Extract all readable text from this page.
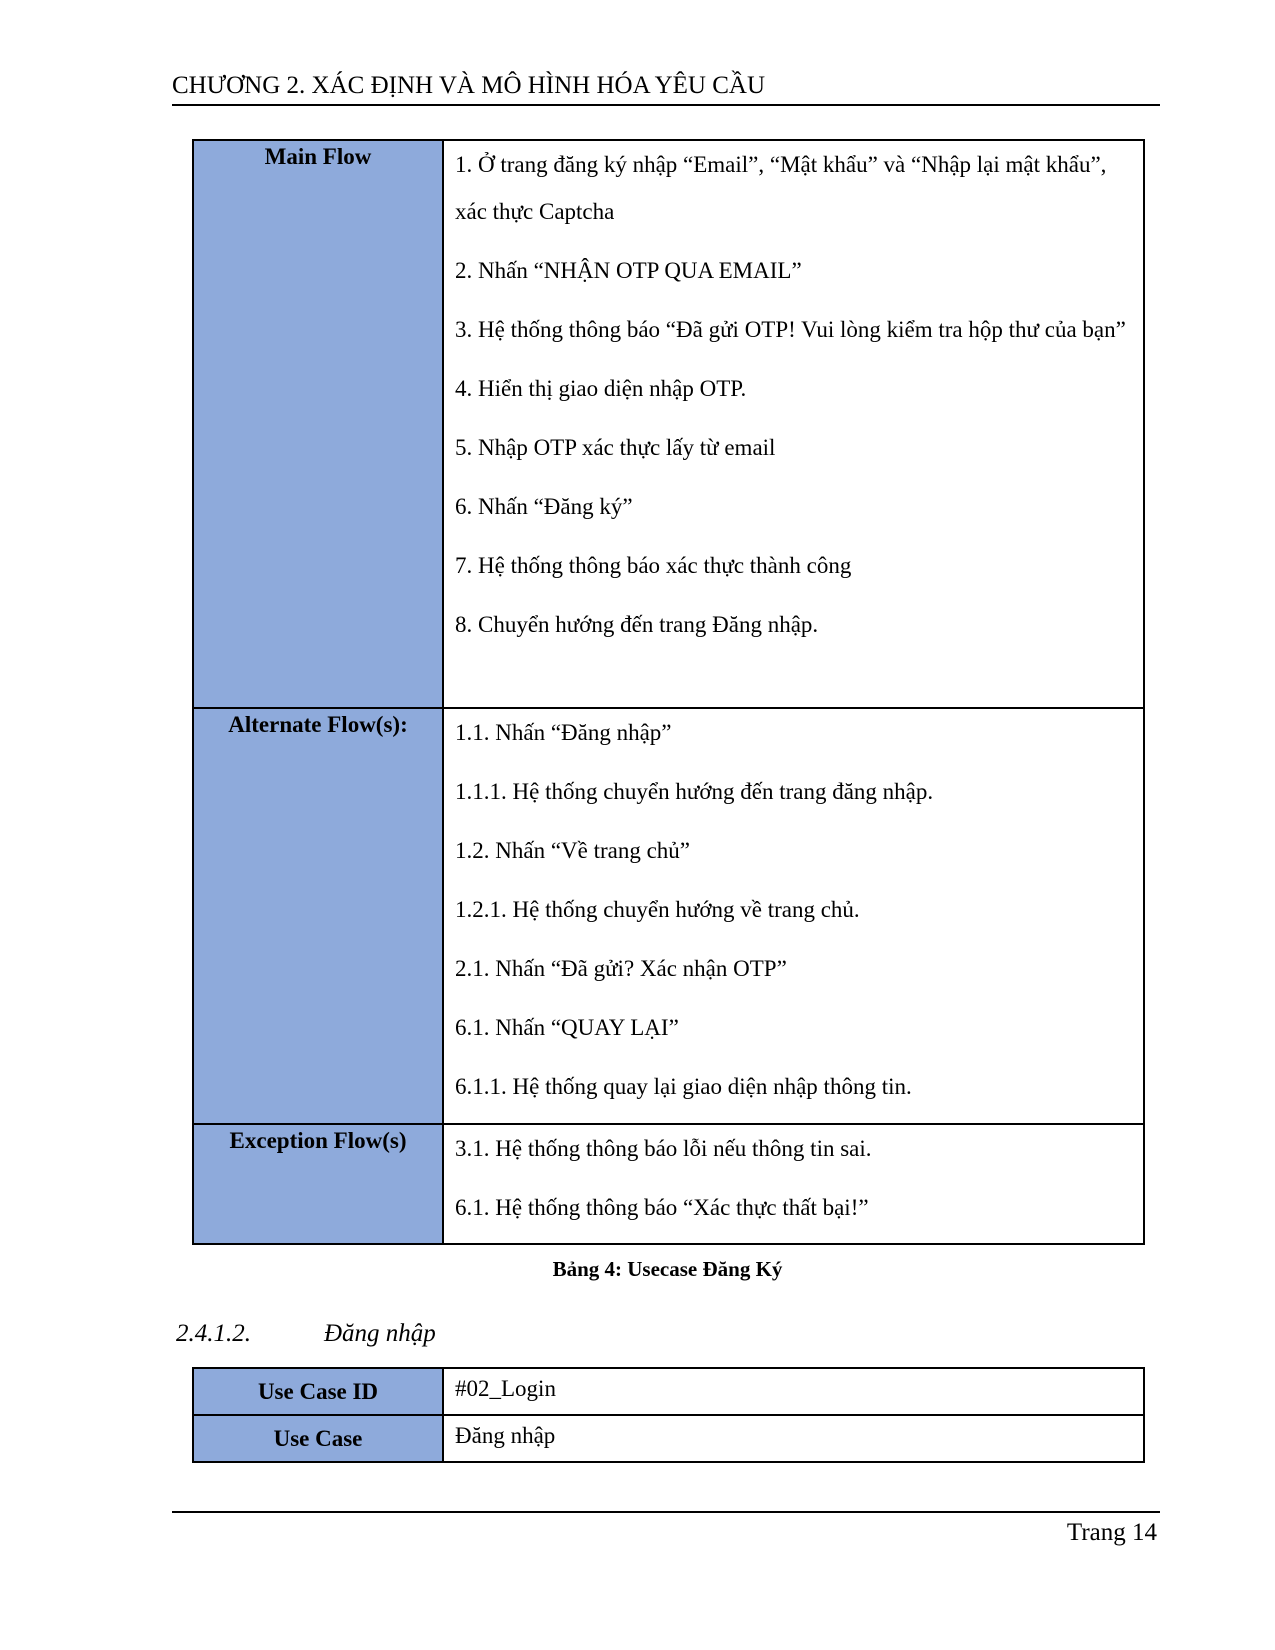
CHƯƠNG 2. XÁC ĐỊNH VÀ MÔ HÌNH HÓA YÊU CẦU
Main Flow	1. Ở trang đăng ký nhập “Email”, “Mật khẩu” và “Nhập lại mật khẩu”, xác thực Captcha
2. Nhấn “NHẬN OTP QUA EMAIL”
3. Hệ thống thông báo “Đã gửi OTP! Vui lòng kiểm tra hộp thư của bạn”
4. Hiển thị giao diện nhập OTP.
5. Nhập OTP xác thực lấy từ email
6. Nhấn “Đăng ký”
7. Hệ thống thông báo xác thực thành công
8. Chuyển hướng đến trang Đăng nhập.

Alternate Flow(s):	1.1. Nhấn “Đăng nhập”
1.1.1. Hệ thống chuyển hướng đến trang đăng nhập.
1.2. Nhấn “Về trang chủ”
1.2.1. Hệ thống chuyển hướng về trang chủ.
2.1. Nhấn “Đã gửi? Xác nhận OTP”
6.1. Nhấn “QUAY LẠI”
6.1.1. Hệ thống quay lại giao diện nhập thông tin.

Exception Flow(s)	3.1. Hệ thống thông báo lỗi nếu thông tin sai.
6.1. Hệ thống thông báo “Xác thực thất bại!”
Bảng 4: Usecase Đăng Ký
2.4.1.2.	Đăng nhập
Use Case ID	#02_Login

Use Case	Đăng nhập
Trang 14
